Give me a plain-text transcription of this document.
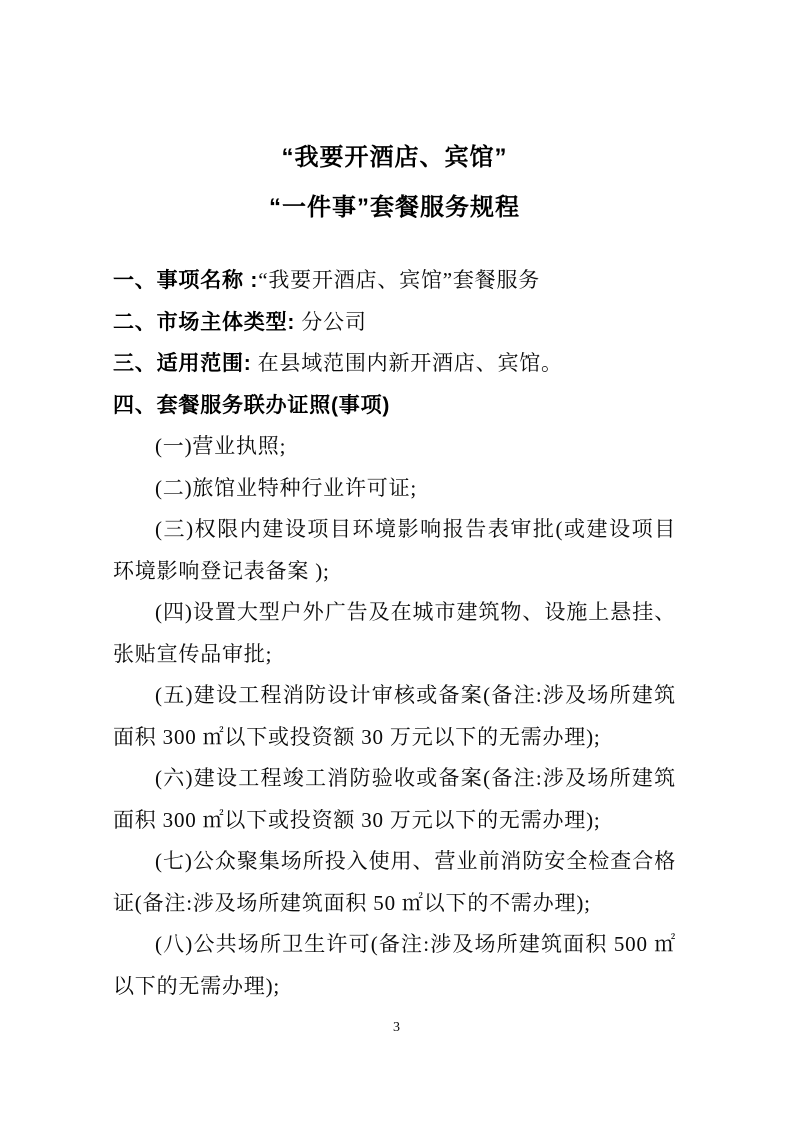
“我要开酒店、宾馆”
“一件事”套餐服务规程

一、事项名称 :“我要开酒店、宾馆”套餐服务

二、市场主体类型: 分公司

三、适用范围: 在县域范围内新开酒店、宾馆。

四、套餐服务联办证照(事项)

(一)营业执照;

(二)旅馆业特种行业许可证;

(三)权限内建设项目环境影响报告表审批(或建设项目环境影响登记表备案 );

(四)设置大型户外广告及在城市建筑物、设施上悬挂、张贴宣传品审批;

(五)建设工程消防设计审核或备案(备注:涉及场所建筑面积 300 ㎡以下或投资额 30 万元以下的无需办理);

(六)建设工程竣工消防验收或备案(备注:涉及场所建筑面积 300 ㎡以下或投资额 30 万元以下的无需办理);

(七)公众聚集场所投入使用、营业前消防安全检查合格证(备注:涉及场所建筑面积 50 ㎡以下的不需办理);

(八)公共场所卫生许可(备注:涉及场所建筑面积 500 ㎡以下的无需办理);

3
